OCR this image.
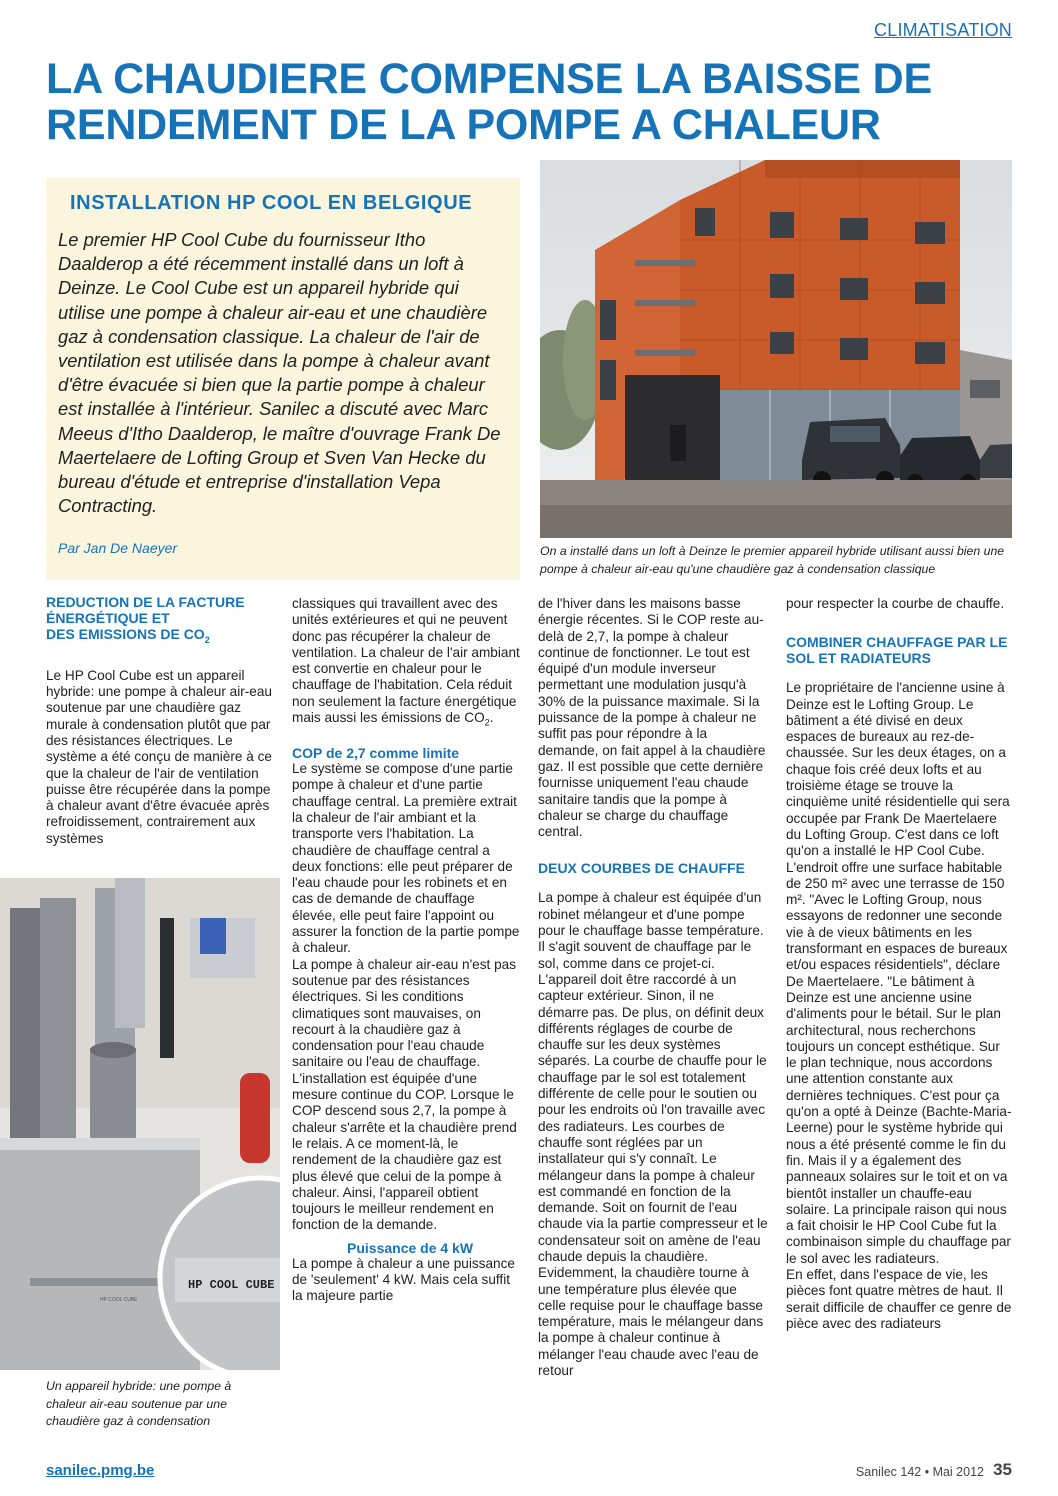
CLIMATISATION
LA CHAUDIERE COMPENSE LA BAISSE DE
RENDEMENT DE LA POMPE A CHALEUR
INSTALLATION HP COOL EN BELGIQUE
Le premier HP Cool Cube du fournisseur Itho Daalderop a été récemment installé dans un loft à Deinze. Le Cool Cube est un appareil hybride qui utilise une pompe à chaleur air-eau et une chaudière gaz à condensation classique. La chaleur de l'air de ventilation est utilisée dans la pompe à chaleur avant d'être évacuée si bien que la partie pompe à chaleur est installée à l'intérieur. Sanilec a discuté avec Marc Meeus d'Itho Daalderop, le maître d'ouvrage Frank De Maertelaere de Lofting Group et Sven Van Hecke du bureau d'étude et entreprise d'installation Vepa Contracting.
Par Jan De Naeyer	On a installé dans un loft à Deinze le premier appareil hybride utilisant aussi bien une pompe à chaleur air-eau qu'une chaudière gaz à condensation classique

REDUCTION DE LA FACTURE ÉNERGÉTIQUE ET

DES EMISSIONS DE $CO_2$

Le HP Cool Cube est un appareil hybride: une pompe à chaleur air-eau soutenue par une chaudière gaz murale à condensation plutôt que par des résistances électriques. Le système a été conçu de manière à ce que la chaleur de l'air de ventilation puisse être récupérée dans la pompe à chaleur avant d'être évacuée après refroidissement, contrairement aux systèmes

HP COOL CUBE
HP COOL CUBE
Un appareil hybride: une pompe à chaleur air-eau soutenue par une chaudière gaz à condensation

classiques qui travaillent avec des unités extérieures et qui ne peuvent donc pas récupérer la chaleur de ventilation. La chaleur de l'air ambiant est convertie en chaleur pour le chauffage de l'habitation. Cela réduit non seulement la facture énergétique mais aussi les émissions de $CO_2$.

COP de 2,7 comme limite

Le système se compose d'une partie pompe à chaleur et d'une partie chauffage central. La première extrait la chaleur de l'air ambiant et la transporte vers l'habitation. La chaudière de chauffage central a deux fonctions: elle peut préparer de l'eau chaude pour les robinets et en cas de demande de chauffage élevée, elle peut faire l'appoint ou assurer la fonction de la partie pompe à chaleur.

La pompe à chaleur air-eau n'est pas soutenue par des résistances électriques. Si les conditions climatiques sont mauvaises, on recourt à la chaudière gaz à condensation pour l'eau chaude sanitaire ou l'eau de chauffage. L'installation est équipée d'une mesure continue du COP. Lorsque le COP descend sous 2,7, la pompe à chaleur s'arrête et la chaudière prend le relais. A ce moment-là, le rendement de la chaudière gaz est plus élevé que celui de la pompe à chaleur. Ainsi, l'appareil obtient toujours le meilleur rendement en fonction de la demande.

Puissance de 4 kW

La pompe à chaleur a une puissance de 'seulement' 4 kW. Mais cela suffit la majeure partie

de l'hiver dans les maisons basse énergie récentes. Si le COP reste au-delà de 2,7, la pompe à chaleur continue de fonctionner. Le tout est équipé d'un module inverseur permettant une modulation jusqu'à 30% de la puissance maximale. Si la puissance de la pompe à chaleur ne suffit pas pour répondre à la demande, on fait appel à la chaudière gaz. Il est possible que cette dernière fournisse uniquement l'eau chaude sanitaire tandis que la pompe à chaleur se charge du chauffage central.

DEUX COURBES DE CHAUFFE

La pompe à chaleur est équipée d'un robinet mélangeur et d'une pompe pour le chauffage basse température. Il s'agit souvent de chauffage par le sol, comme dans ce projet-ci. L'appareil doit être raccordé à un capteur extérieur. Sinon, il ne démarre pas. De plus, on définit deux différents réglages de courbe de chauffe sur les deux systèmes séparés. La courbe de chauffe pour le chauffage par le sol est totalement différente de celle pour le soutien ou pour les endroits où l'on travaille avec des radiateurs. Les courbes de chauffe sont réglées par un installateur qui s'y connaît. Le mélangeur dans la pompe à chaleur est commandé en fonction de la demande. Soit on fournit de l'eau chaude via la partie compresseur et le condensateur soit on amène de l'eau chaude depuis la chaudière. Evidemment, la chaudière tourne à une température plus élevée que celle requise pour le chauffage basse température, mais le mélangeur dans la pompe à chaleur continue à mélanger l'eau chaude avec l'eau de retour

pour respecter la courbe de chauffe.

COMBINER CHAUFFAGE PAR LE SOL ET RADIATEURS

Le propriétaire de l'ancienne usine à Deinze est le Lofting Group. Le bâtiment a été divisé en deux espaces de bureaux au rez-de-chaussée. Sur les deux étages, on a chaque fois créé deux lofts et au troisième étage se trouve la cinquième unité résidentielle qui sera occupée par Frank De Maertelaere du Lofting Group. C'est dans ce loft qu'on a installé le HP Cool Cube. L'endroit offre une surface habitable de 250 m² avec une terrasse de 150 m². "Avec le Lofting Group, nous essayons de redonner une seconde vie à de vieux bâtiments en les transformant en espaces de bureaux et/ou espaces résidentiels", déclare De Maertelaere. "Le bâtiment à Deinze est une ancienne usine d'aliments pour le bétail. Sur le plan architectural, nous recherchons toujours un concept esthétique. Sur le plan technique, nous accordons une attention constante aux dernières techniques. C'est pour ça qu'on a opté à Deinze (Bachte-Maria-Leerne) pour le système hybride qui nous a été présenté comme le fin du fin. Mais il y a également des panneaux solaires sur le toit et on va bientôt installer un chauffe-eau solaire. La principale raison qui nous a fait choisir le HP Cool Cube fut la combinaison simple du chauffage par le sol avec les radiateurs.

En effet, dans l'espace de vie, les pièces font quatre mètres de haut. Il serait difficile de chauffer ce genre de pièce avec des radiateurs

sanilec.pmg.be	Sanilec 142 • Mai 2012 35
